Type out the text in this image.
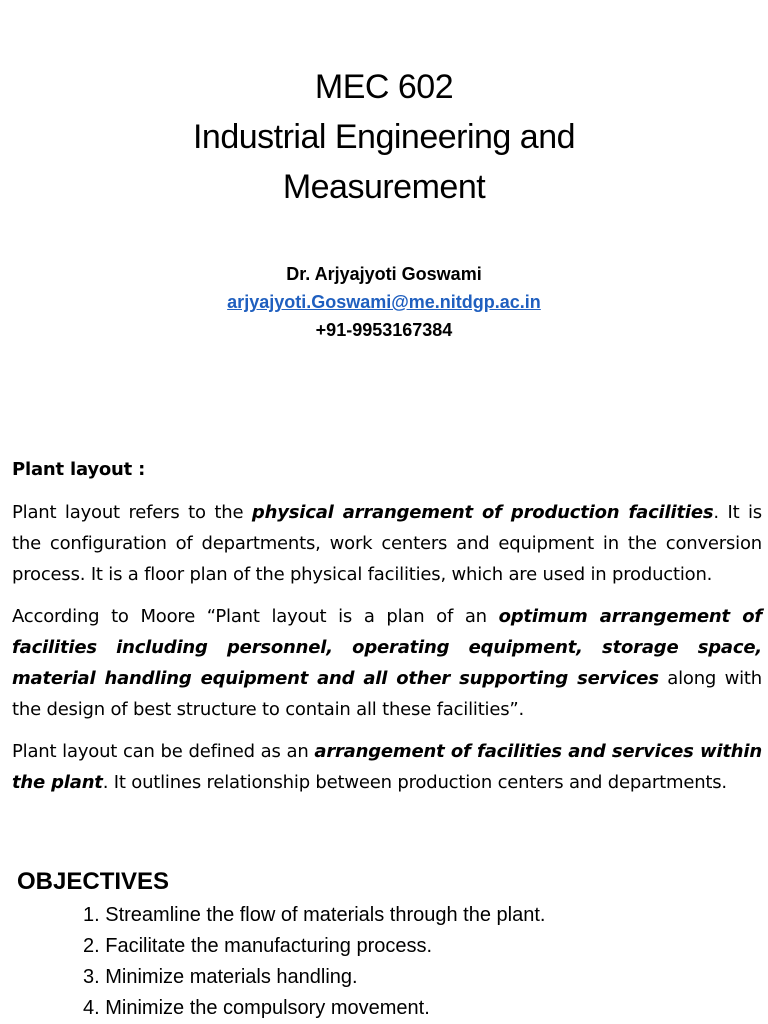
MEC 602
Industrial Engineering and
Measurement
Dr. Arjyajyoti Goswami
arjyajyoti.Goswami@me.nitdgp.ac.in
+91-9953167384
Plant layout :

Plant layout refers to the physical arrangement of production facilities. It is the configuration of departments, work centers and equipment in the conversion process. It is a floor plan of the physical facilities, which are used in production.

According to Moore “Plant layout is a plan of an optimum arrangement of facilities including personnel, operating equipment, storage space, material handling equipment and all other supporting services along with the design of best structure to contain all these facilities”.

Plant layout can be defined as an arrangement of facilities and services within the plant. It outlines relationship between production centers and departments.

OBJECTIVES
1. Streamline the flow of materials through the plant.
2. Facilitate the manufacturing process.
3. Minimize materials handling.
4. Minimize the compulsory movement.
